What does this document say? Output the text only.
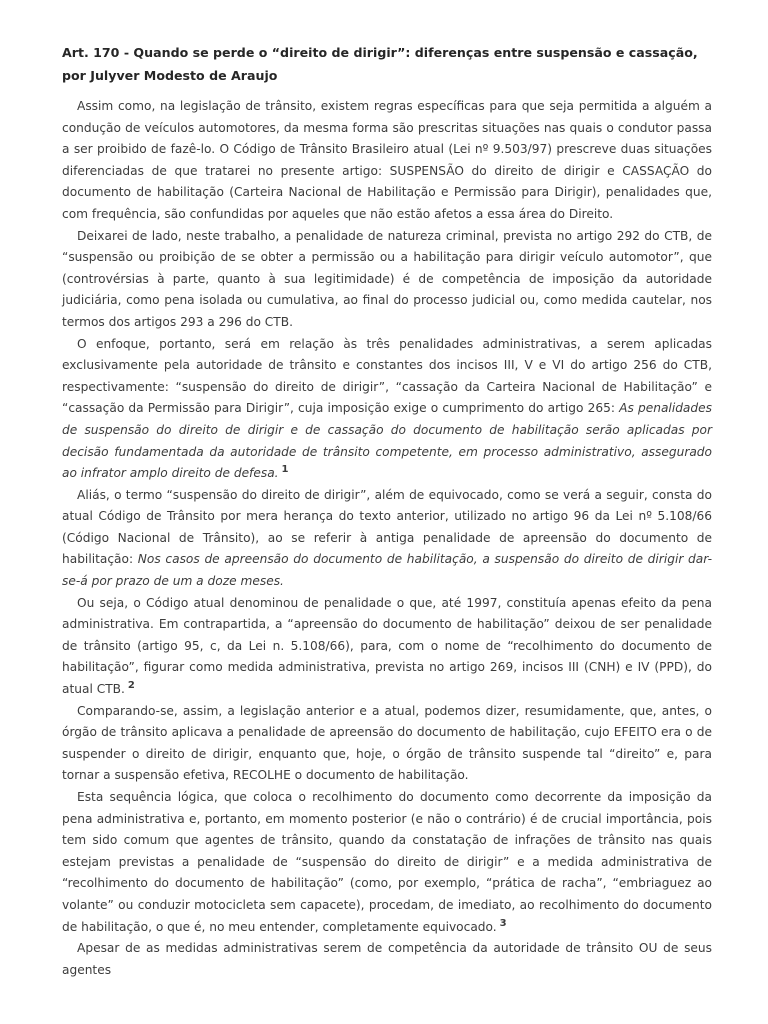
Art. 170 - Quando se perde o “direito de dirigir”: diferenças entre suspensão e cassação, por Julyver Modesto de Araujo

Assim como, na legislação de trânsito, existem regras específicas para que seja permitida a alguém a condução de veículos automotores, da mesma forma são prescritas situações nas quais o condutor passa a ser proibido de fazê-lo. O Código de Trânsito Brasileiro atual (Lei nº 9.503/97) prescreve duas situações diferenciadas de que tratarei no presente artigo: SUSPENSÃO do direito de dirigir e CASSAÇÃO do documento de habilitação (Carteira Nacional de Habilitação e Permissão para Dirigir), penalidades que, com frequência, são confundidas por aqueles que não estão afetos a essa área do Direito.

Deixarei de lado, neste trabalho, a penalidade de natureza criminal, prevista no artigo 292 do CTB, de “suspensão ou proibição de se obter a permissão ou a habilitação para dirigir veículo automotor”, que (controvérsias à parte, quanto à sua legitimidade) é de competência de imposição da autoridade judiciária, como pena isolada ou cumulativa, ao final do processo judicial ou, como medida cautelar, nos termos dos artigos 293 a 296 do CTB.

O enfoque, portanto, será em relação às três penalidades administrativas, a serem aplicadas exclusivamente pela autoridade de trânsito e constantes dos incisos III, V e VI do artigo 256 do CTB, respectivamente: “suspensão do direito de dirigir”, “cassação da Carteira Nacional de Habilitação” e “cassação da Permissão para Dirigir”, cuja imposição exige o cumprimento do artigo 265: As penalidades de suspensão do direito de dirigir e de cassação do documento de habilitação serão aplicadas por decisão fundamentada da autoridade de trânsito competente, em processo administrativo, assegurado ao infrator amplo direito de defesa. $^1$

Aliás, o termo “suspensão do direito de dirigir”, além de equivocado, como se verá a seguir, consta do atual Código de Trânsito por mera herança do texto anterior, utilizado no artigo 96 da Lei nº 5.108/66 (Código Nacional de Trânsito), ao se referir à antiga penalidade de apreensão do documento de habilitação: Nos casos de apreensão do documento de habilitação, a suspensão do direito de dirigir dar-se-á por prazo de um a doze meses.

Ou seja, o Código atual denominou de penalidade o que, até 1997, constituía apenas efeito da pena administrativa. Em contrapartida, a “apreensão do documento de habilitação” deixou de ser penalidade de trânsito (artigo 95, c, da Lei n. 5.108/66), para, com o nome de “recolhimento do documento de habilitação”, figurar como medida administrativa, prevista no artigo 269, incisos III (CNH) e IV (PPD), do atual CTB. $^2$

Comparando-se, assim, a legislação anterior e a atual, podemos dizer, resumidamente, que, antes, o órgão de trânsito aplicava a penalidade de apreensão do documento de habilitação, cujo EFEITO era o de suspender o direito de dirigir, enquanto que, hoje, o órgão de trânsito suspende tal “direito” e, para tornar a suspensão efetiva, RECOLHE o documento de habilitação.

Esta sequência lógica, que coloca o recolhimento do documento como decorrente da imposição da pena administrativa e, portanto, em momento posterior (e não o contrário) é de crucial importância, pois tem sido comum que agentes de trânsito, quando da constatação de infrações de trânsito nas quais estejam previstas a penalidade de “suspensão do direito de dirigir” e a medida administrativa de “recolhimento do documento de habilitação” (como, por exemplo, “prática de racha”, “embriaguez ao volante” ou conduzir motocicleta sem capacete), procedam, de imediato, ao recolhimento do documento de habilitação, o que é, no meu entender, completamente equivocado. $^3$

Apesar de as medidas administrativas serem de competência da autoridade de trânsito OU de seus agentes
